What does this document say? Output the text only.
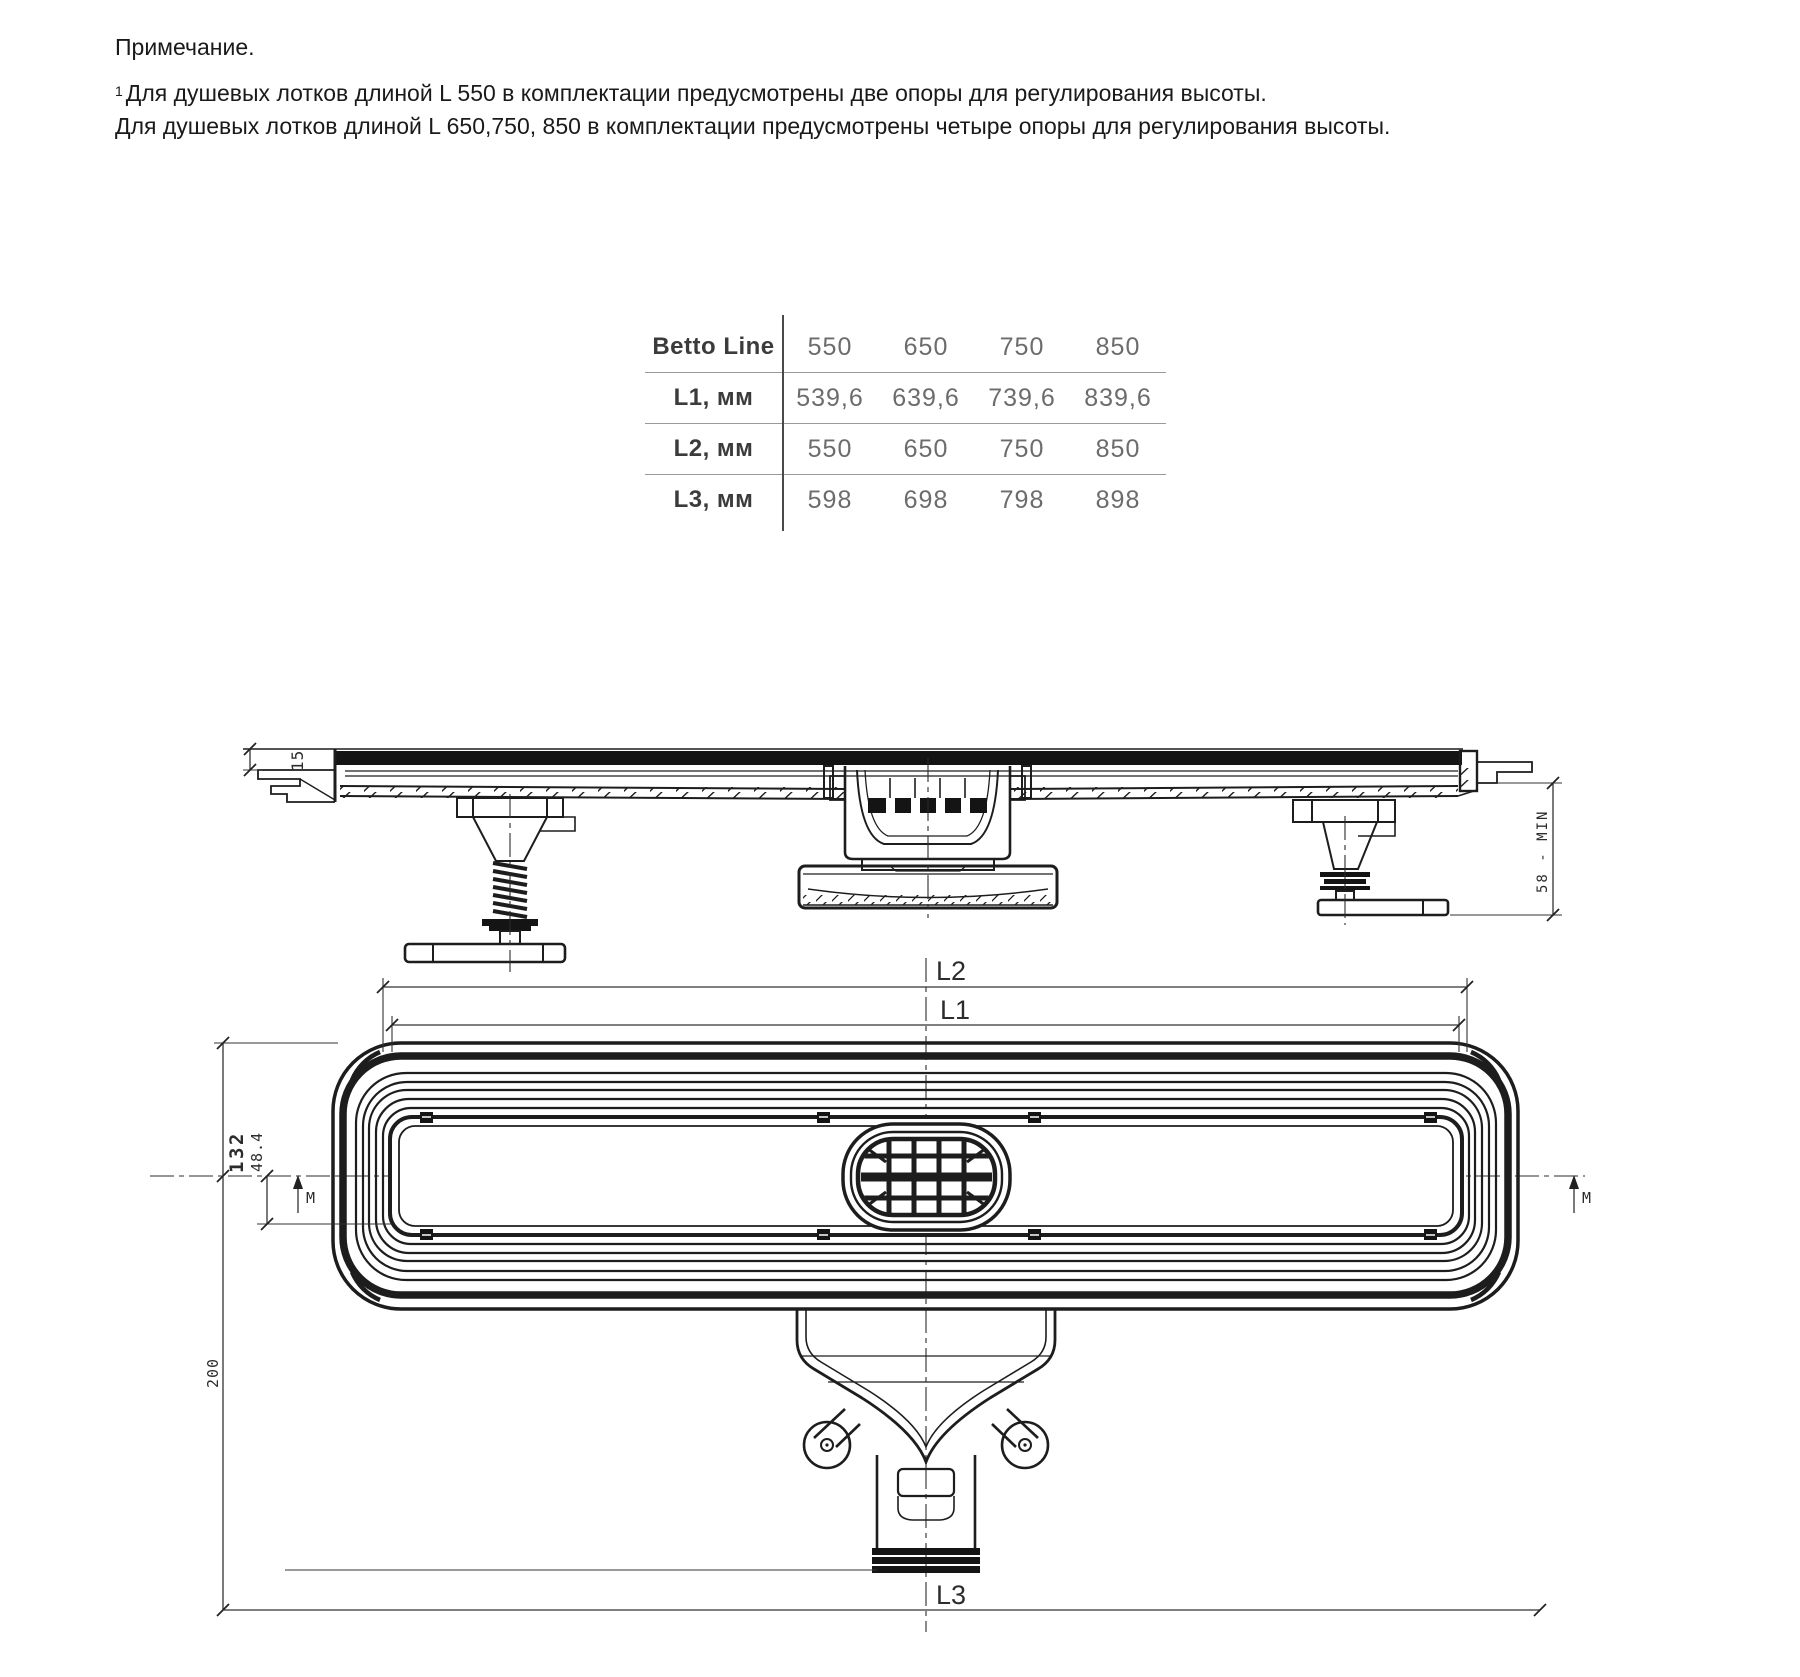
Примечание.
$^1$ Для душевых лотков длиной L 550 в комплектации предусмотрены две опоры для регулирования высоты.
Для душевых лотков длиной L 650,750, 850 в комплектации предусмотрены четыре опоры для регулирования высоты.
Betto Line	550	650	750	850
L1, мм	539,6	639,6	739,6	839,6
L2, мм	550	650	750	850
L3, мм	598	698	798	898
15
58 - MIN
L2
L1
132 48.4
M	M
200
L3
